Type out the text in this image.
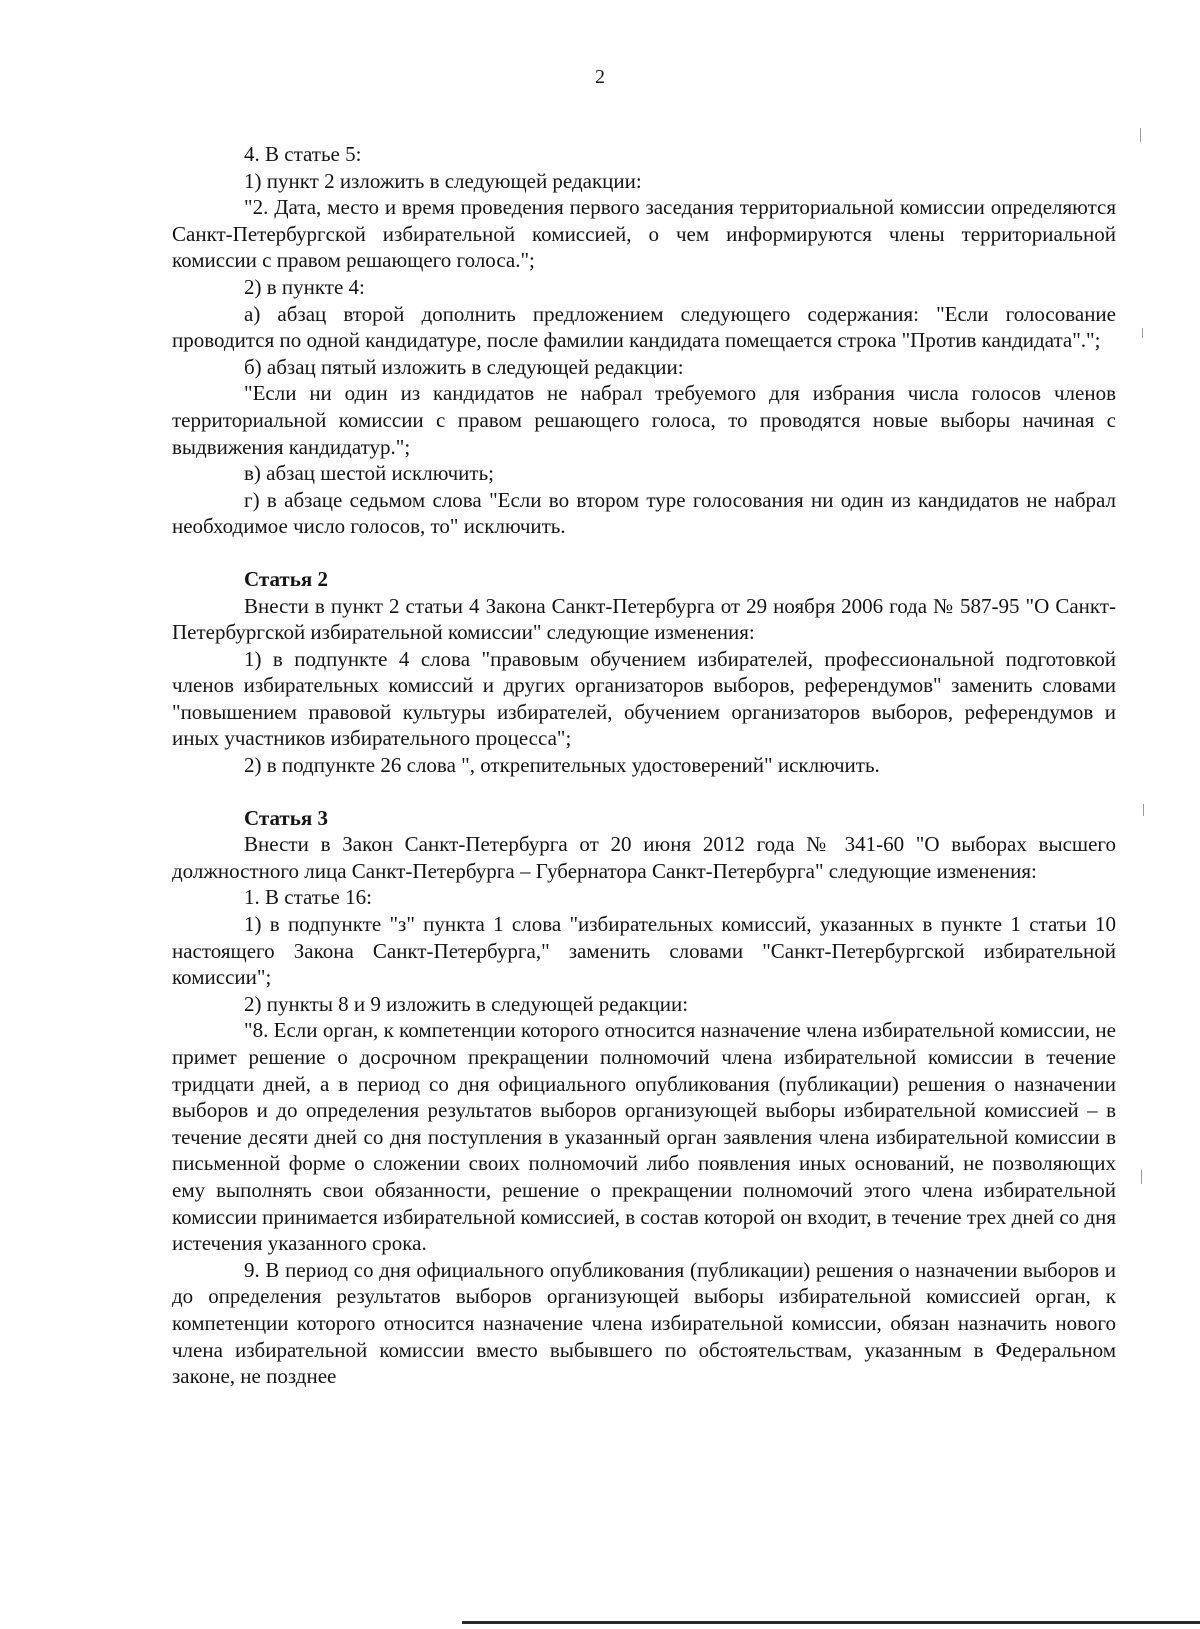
2

4. В статье 5:

1) пункт 2 изложить в следующей редакции:

"2. Дата, место и время проведения первого заседания территориальной комиссии определяются Санкт-Петербургской избирательной комиссией, о чем информируются члены территориальной комиссии с правом решающего голоса.";

2) в пункте 4:

а) абзац второй дополнить предложением следующего содержания: "Если голосование проводится по одной кандидатуре, после фамилии кандидата помещается строка "Против кандидата".";

б) абзац пятый изложить в следующей редакции:

"Если ни один из кандидатов не набрал требуемого для избрания числа голосов членов территориальной комиссии с правом решающего голоса, то проводятся новые выборы начиная с выдвижения кандидатур.";

в) абзац шестой исключить;

г) в абзаце седьмом слова "Если во втором туре голосования ни один из кандидатов не набрал необходимое число голосов, то" исключить.

Статья 2

Внести в пункт 2 статьи 4 Закона Санкт-Петербурга от 29 ноября 2006 года № 587-95 "О Санкт-Петербургской избирательной комиссии" следующие изменения:

1) в подпункте 4 слова "правовым обучением избирателей, профессиональной подготовкой членов избирательных комиссий и других организаторов выборов, референдумов" заменить словами "повышением правовой культуры избирателей, обучением организаторов выборов, референдумов и иных участников избирательного процесса";

2) в подпункте 26 слова ", открепительных удостоверений" исключить.

Статья 3

Внести в Закон Санкт-Петербурга от 20 июня 2012 года № 341-60 "О выборах высшего должностного лица Санкт-Петербурга – Губернатора Санкт-Петербурга" следующие изменения:

1. В статье 16:

1) в подпункте "з" пункта 1 слова "избирательных комиссий, указанных в пункте 1 статьи 10 настоящего Закона Санкт-Петербурга," заменить словами "Санкт-Петербургской избирательной комиссии";

2) пункты 8 и 9 изложить в следующей редакции:

"8. Если орган, к компетенции которого относится назначение члена избирательной комиссии, не примет решение о досрочном прекращении полномочий члена избирательной комиссии в течение тридцати дней, а в период со дня официального опубликования (публикации) решения о назначении выборов и до определения результатов выборов организующей выборы избирательной комиссией – в течение десяти дней со дня поступления в указанный орган заявления члена избирательной комиссии в письменной форме о сложении своих полномочий либо появления иных оснований, не позволяющих ему выполнять свои обязанности, решение о прекращении полномочий этого члена избирательной комиссии принимается избирательной комиссией, в состав которой он входит, в течение трех дней со дня истечения указанного срока.

9. В период со дня официального опубликования (публикации) решения о назначении выборов и до определения результатов выборов организующей выборы избирательной комиссией орган, к компетенции которого относится назначение члена избирательной комиссии, обязан назначить нового члена избирательной комиссии вместо выбывшего по обстоятельствам, указанным в Федеральном законе, не позднее
